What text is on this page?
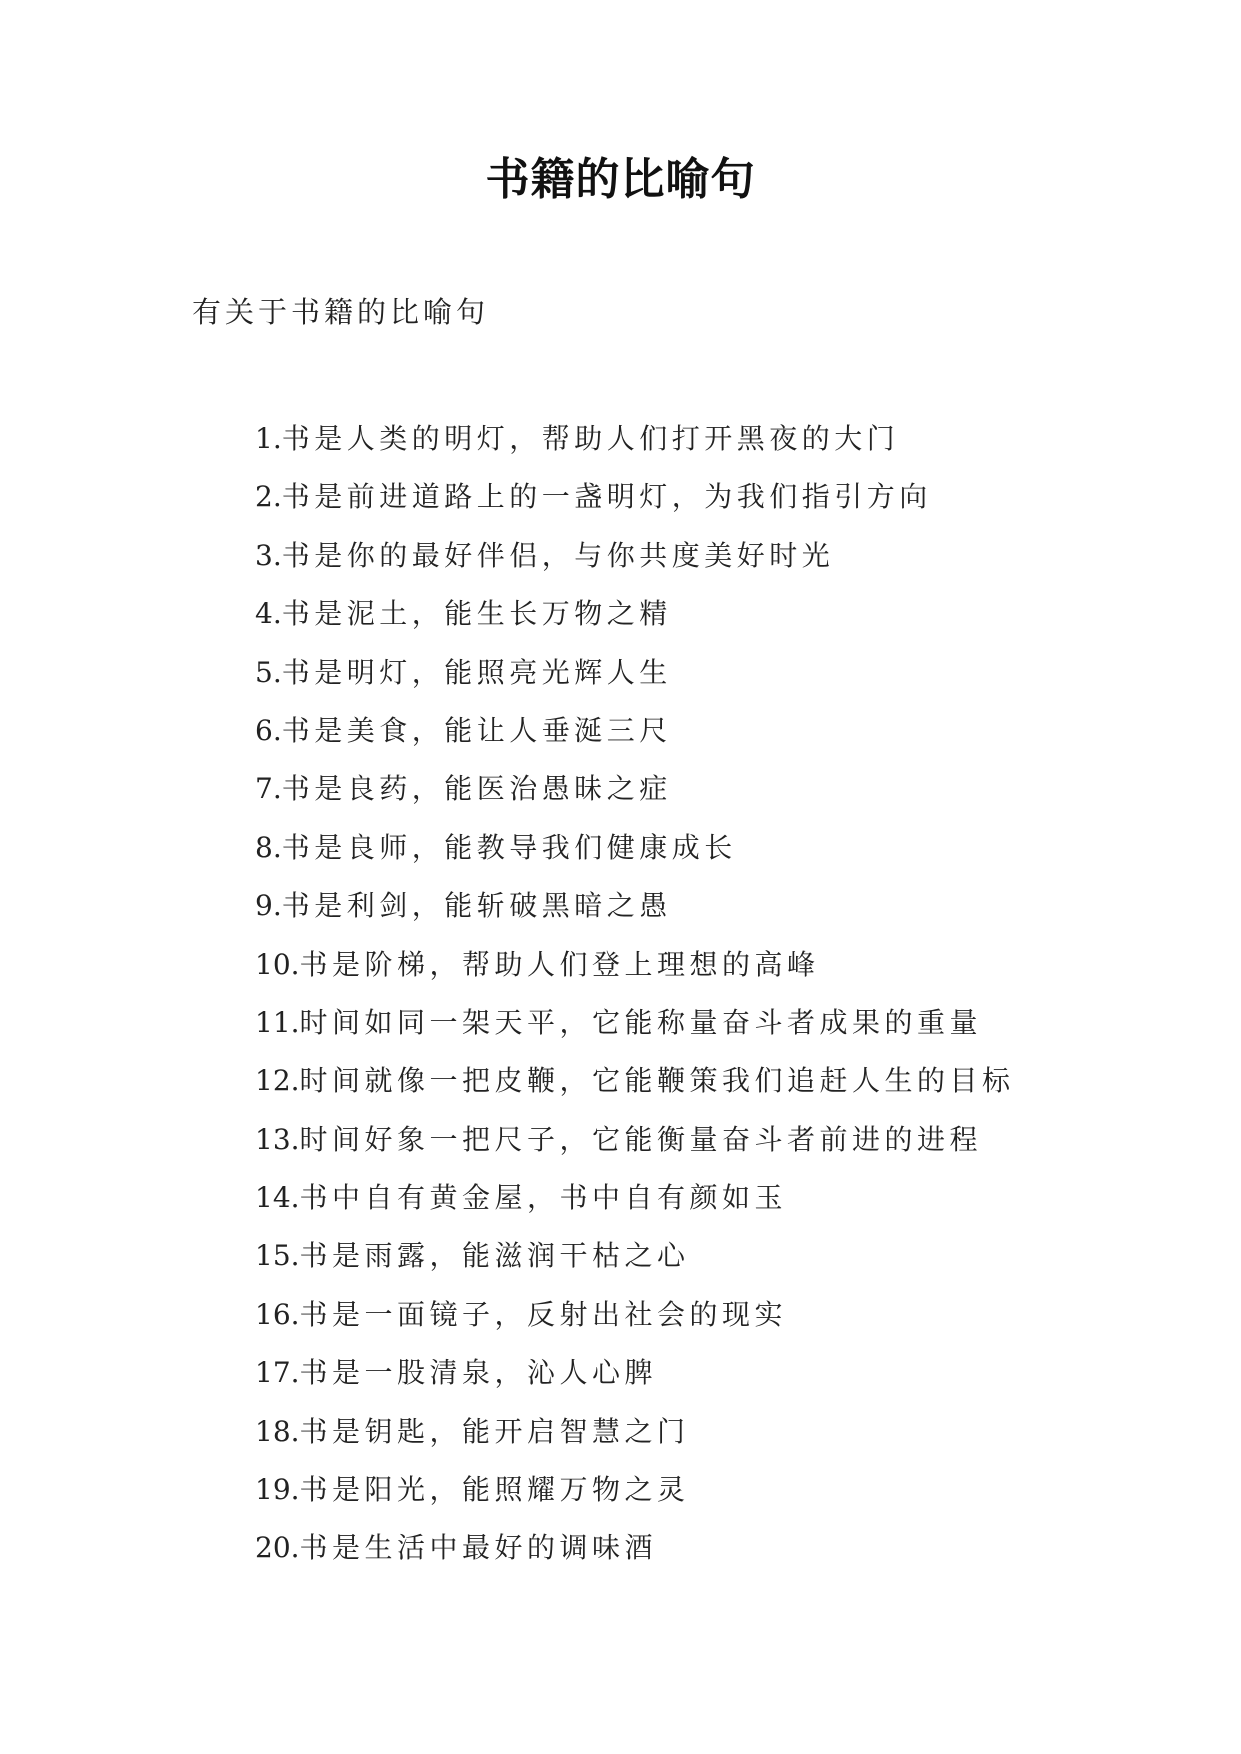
书籍的比喻句
有关于书籍的比喻句
1.书是人类的明灯，帮助人们打开黑夜的大门
2.书是前进道路上的一盏明灯，为我们指引方向
3.书是你的最好伴侣，与你共度美好时光
4.书是泥土，能生长万物之精
5.书是明灯，能照亮光辉人生
6.书是美食，能让人垂涎三尺
7.书是良药，能医治愚昧之症
8.书是良师，能教导我们健康成长
9.书是利剑，能斩破黑暗之愚
10.书是阶梯，帮助人们登上理想的高峰
11.时间如同一架天平，它能称量奋斗者成果的重量
12.时间就像一把皮鞭，它能鞭策我们追赶人生的目标
13.时间好象一把尺子，它能衡量奋斗者前进的进程
14.书中自有黄金屋，书中自有颜如玉
15.书是雨露，能滋润干枯之心
16.书是一面镜子，反射出社会的现实
17.书是一股清泉，沁人心脾
18.书是钥匙，能开启智慧之门
19.书是阳光，能照耀万物之灵
20.书是生活中最好的调味酒
